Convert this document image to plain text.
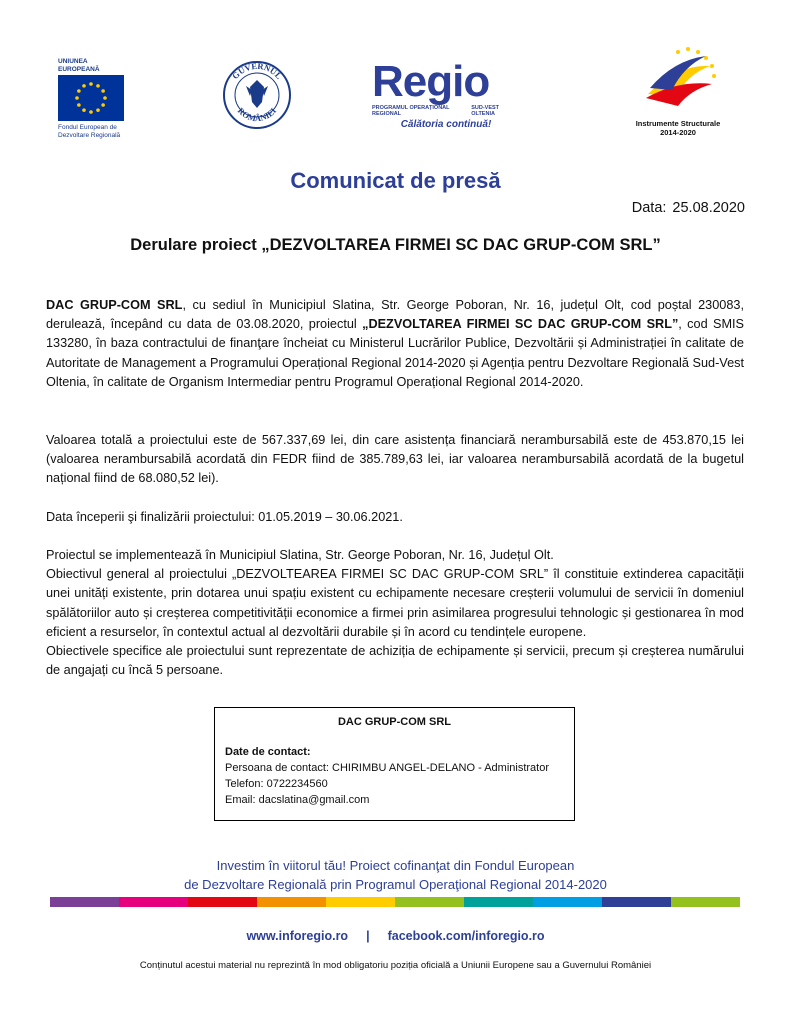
UNIUNEA EUROPEANĂ
Fondul European de
Dezvoltare Regională
GUVERNUL
ROMÂNIEI
Regio
PROGRAMUL OPERAȚIONAL REGIONAL
SUD-VEST OLTENIA
Călătoria continuă!	Instrumente Structurale
2014-2020
Comunicat de presă
Data: 25.08.2020
Derulare proiect „DEZVOLTAREA FIRMEI SC DAC GRUP-COM SRL”

DAC GRUP-COM SRL, cu sediul în Municipiul Slatina, Str. George Poboran, Nr. 16, județul Olt, cod poștal 230083, derulează, începând cu data de 03.08.2020, proiectul „DEZVOLTAREA FIRMEI SC DAC GRUP-COM SRL”, cod SMIS 133280, în baza contractului de finanţare încheiat cu Ministerul Lucrărilor Publice, Dezvoltării și Administrației în calitate de Autoritate de Management a Programului Operațional Regional 2014-2020 și Agenția pentru Dezvoltare Regională Sud-Vest Oltenia, în calitate de Organism Intermediar pentru Programul Operațional Regional 2014-2020.

Valoarea totală a proiectului este de 567.337,69 lei, din care asistența financiară nerambursabilă este de 453.870,15 lei (valoarea nerambursabilă acordată din FEDR fiind de 385.789,63 lei, iar valoarea nerambursabilă acordată de la bugetul național fiind de 68.080,52 lei).

Data începerii şi finalizării proiectului: 01.05.2019 – 30.06.2021.

Proiectul se implementează în Municipiul Slatina, Str. George Poboran, Nr. 16, Județul Olt.

Obiectivul general al proiectului „DEZVOLTEAREA FIRMEI SC DAC GRUP-COM SRL” îl constituie extinderea capacității unei unități existente, prin dotarea unui spațiu existent cu echipamente necesare creșterii volumului de servicii în domeniul spălătoriilor auto și creșterea competitivității economice a firmei prin asimilarea progresului tehnologic și gestionarea în mod eficient a resurselor, în contextul actual al dezvoltării durabile și în acord cu tendințele europene.

Obiectivele specifice ale proiectului sunt reprezentate de achiziția de echipamente și servicii, precum și creșterea numărului de angajați cu încă 5 persoane.

DAC GRUP-COM SRL
Date de contact:
Persoana de contact: CHIRIMBU ANGEL-DELANO - Administrator
Telefon: 0722234560
Email: dacslatina@gmail.com
Investim în viitorul tău! Proiect cofinanţat din Fondul European
de Dezvoltare Regională prin Programul Operaţional Regional 2014-2020
www.inforegio.ro | facebook.com/inforegio.ro
Conținutul acestui material nu reprezintă în mod obligatoriu poziția oficială a Uniunii Europene sau a Guvernului României
